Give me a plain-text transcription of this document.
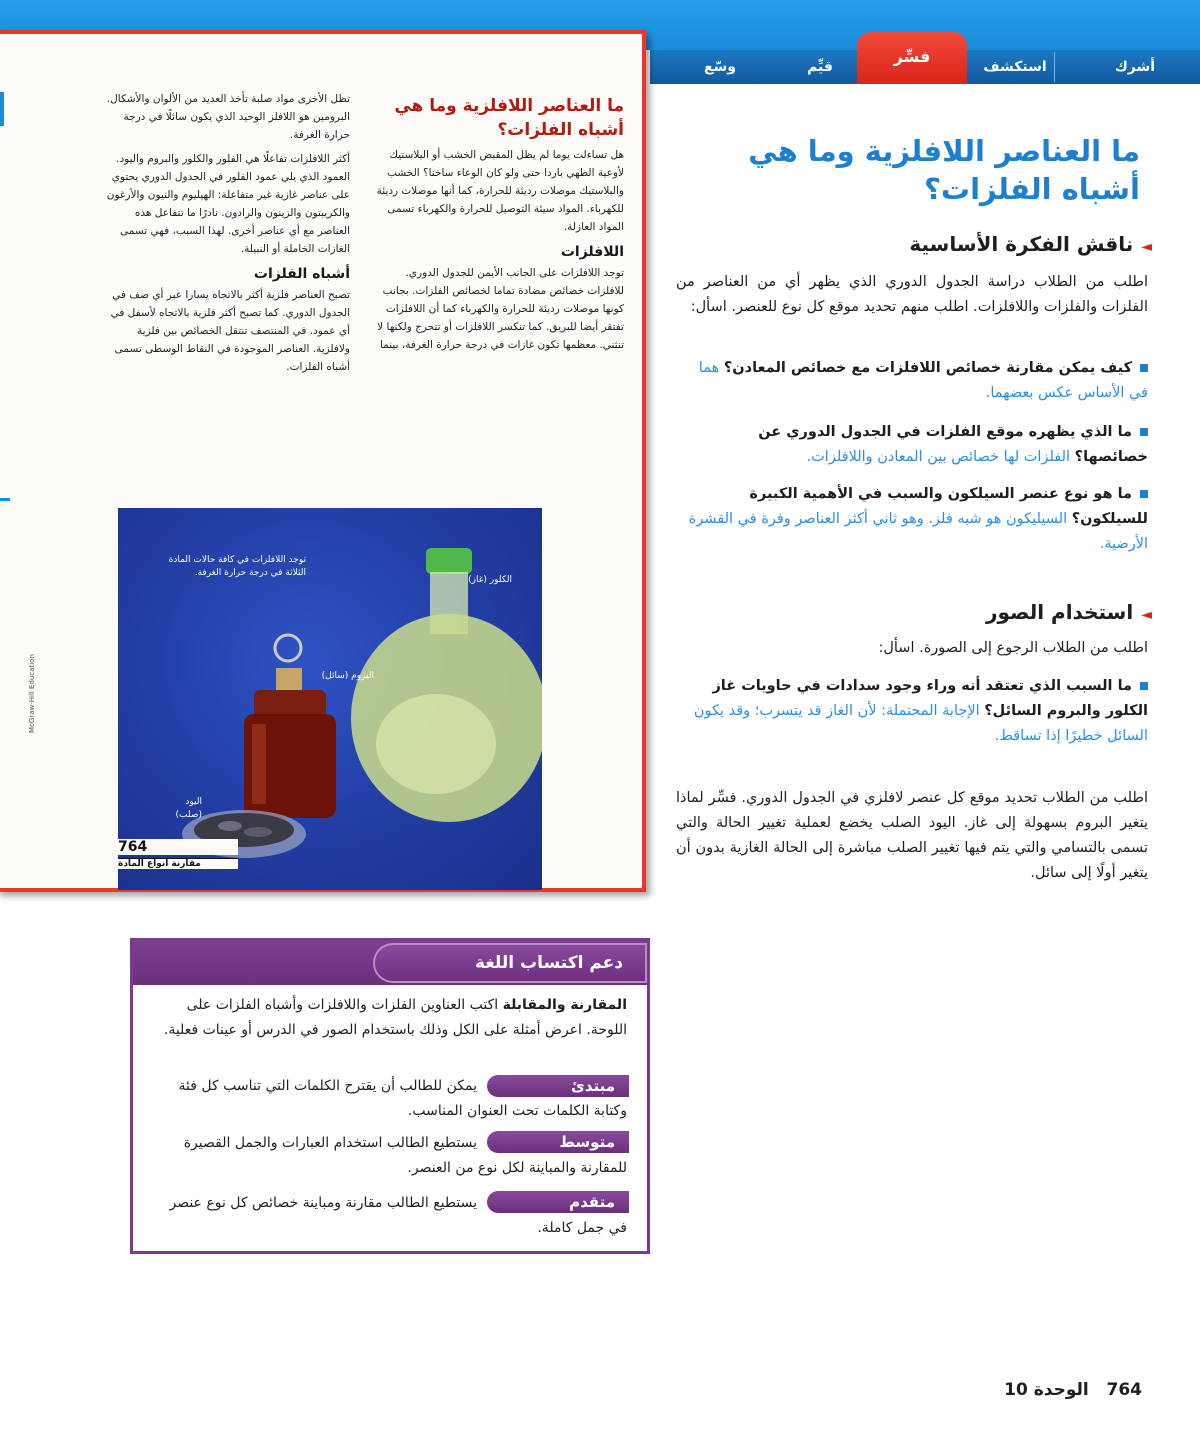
أشرك
استكشف
قيِّم
وسّع
فسِّر
ما العناصر اللافلزية وما هي أشباه الفلزات؟

هل تساءلت يوما لم يظل المقبض الخشب أو البلاستيك لأوعية الطهي باردا حتى ولو كان الوعاء ساخنا؟ الخشب والبلاستيك موصلات رديئة للحرارة، كما أنها موصلات رديئة للكهرباء. المواد سيئة التوصيل للحرارة والكهرباء تسمى المواد العازلة.

اللافلزات

توجد اللافلزات على الجانب الأيمن للجدول الدوري. للافلزات خصائص مضادة تماما لخصائص الفلزات. بجانب كونها موصلات رديئة للحرارة والكهرباء كما أن اللافلزات تفتقر أيضا للبريق. كما تنكسر اللافلزات أو تتحرج ولكنها لا تنثني. معظمها تكون غازات في درجة حرارة الغرفة، بينما

تظل الأخرى مواد صلبة تأخذ العديد من الألوان والأشكال. البرومين هو اللافلز الوحيد الذي يكون سائلًا في درجة حرارة الغرفة.

أكثر اللافلزات تفاعلًا هي الفلور والكلور والبروم واليود. العمود الذي يلي عمود الفلور في الجدول الدوري يحتوي على عناصر غازية غير متفاعلة: الهيليوم والنيون والأرغون والكريبتون والزينون والرادون. نادرًا ما تتفاعل هذه العناصر مع أي عناصر أخرى. لهذا السبب، فهي تسمى الغازات الخاملة أو النبيلة.

أشباه الفلزات

تصبح العناصر فلزية أكثر بالاتجاه يسارا عبر أي صف في الجدول الدوري. كما تصبح أكثر فلزية بالاتجاه لأسفل في أي عمود. في المنتصف تنتقل الخصائص بين فلزية ولافلزية. العناصر الموجودة في النقاط الوسطى تسمى أشباه الفلزات.

McGraw-Hill Education
توجد اللافلزات في كافة حالات المادة الثلاثة في درجة حرارة الغرفة.
الكلور (غاز)
البروم (سائل)
اليود (صلب)
764
مقارنة أنواع المادة
ما العناصر اللافلزية وما هي أشباه الفلزات؟
◄ناقش الفكرة الأساسية
اطلب من الطلاب دراسة الجدول الدوري الذي يظهر أي من العناصر من الفلزات والفلزات واللافلزات. اطلب منهم تحديد موقع كل نوع للعنصر. اسأل:
كيف يمكن مقارنة خصائص اللافلزات مع خصائص المعادن؟ هما في الأساس عكس بعضهما.
ما الذي يظهره موقع الفلزات في الجدول الدوري عن خصائصها؟ الفلزات لها خصائص بين المعادن واللافلزات.
ما هو نوع عنصر السيلكون والسبب في الأهمية الكبيرة للسيلكون؟ السيليكون هو شبه فلز. وهو ثاني أكثر العناصر وفرة في القشرة الأرضية.
◄استخدام الصور
اطلب من الطلاب الرجوع إلى الصورة. اسأل:
ما السبب الذي تعتقد أنه وراء وجود سدادات في حاويات غاز الكلور والبروم السائل؟ الإجابة المحتملة: لأن الغاز قد يتسرب؛ وقد يكون السائل خطيرًا إذا تساقط.
اطلب من الطلاب تحديد موقع كل عنصر لافلزي في الجدول الدوري. فسِّر لماذا يتغير البروم بسهولة إلى غاز. اليود الصلب يخضع لعملية تغيير الحالة والتي تسمى بالتسامي والتي يتم فيها تغيير الصلب مباشرة إلى الحالة الغازية بدون أن يتغير أولًا إلى سائل.
دعم اكتساب اللغة
المقارنة والمقابلة اكتب العناوين الفلزات واللافلزات وأشباه الفلزات على اللوحة. اعرض أمثلة على الكل وذلك باستخدام الصور في الدرس أو عينات فعلية.
مبتدئ
يمكن للطالب أن يقترح الكلمات التي تناسب كل فئة وكتابة الكلمات تحت العنوان المناسب.
متوسط
يستطيع الطالب استخدام العبارات والجمل القصيرة للمقارنة والمباينة لكل نوع من العنصر.
متقدم
يستطيع الطالب مقارنة ومباينة خصائص كل نوع عنصر في جمل كاملة.
764   الوحدة 10
